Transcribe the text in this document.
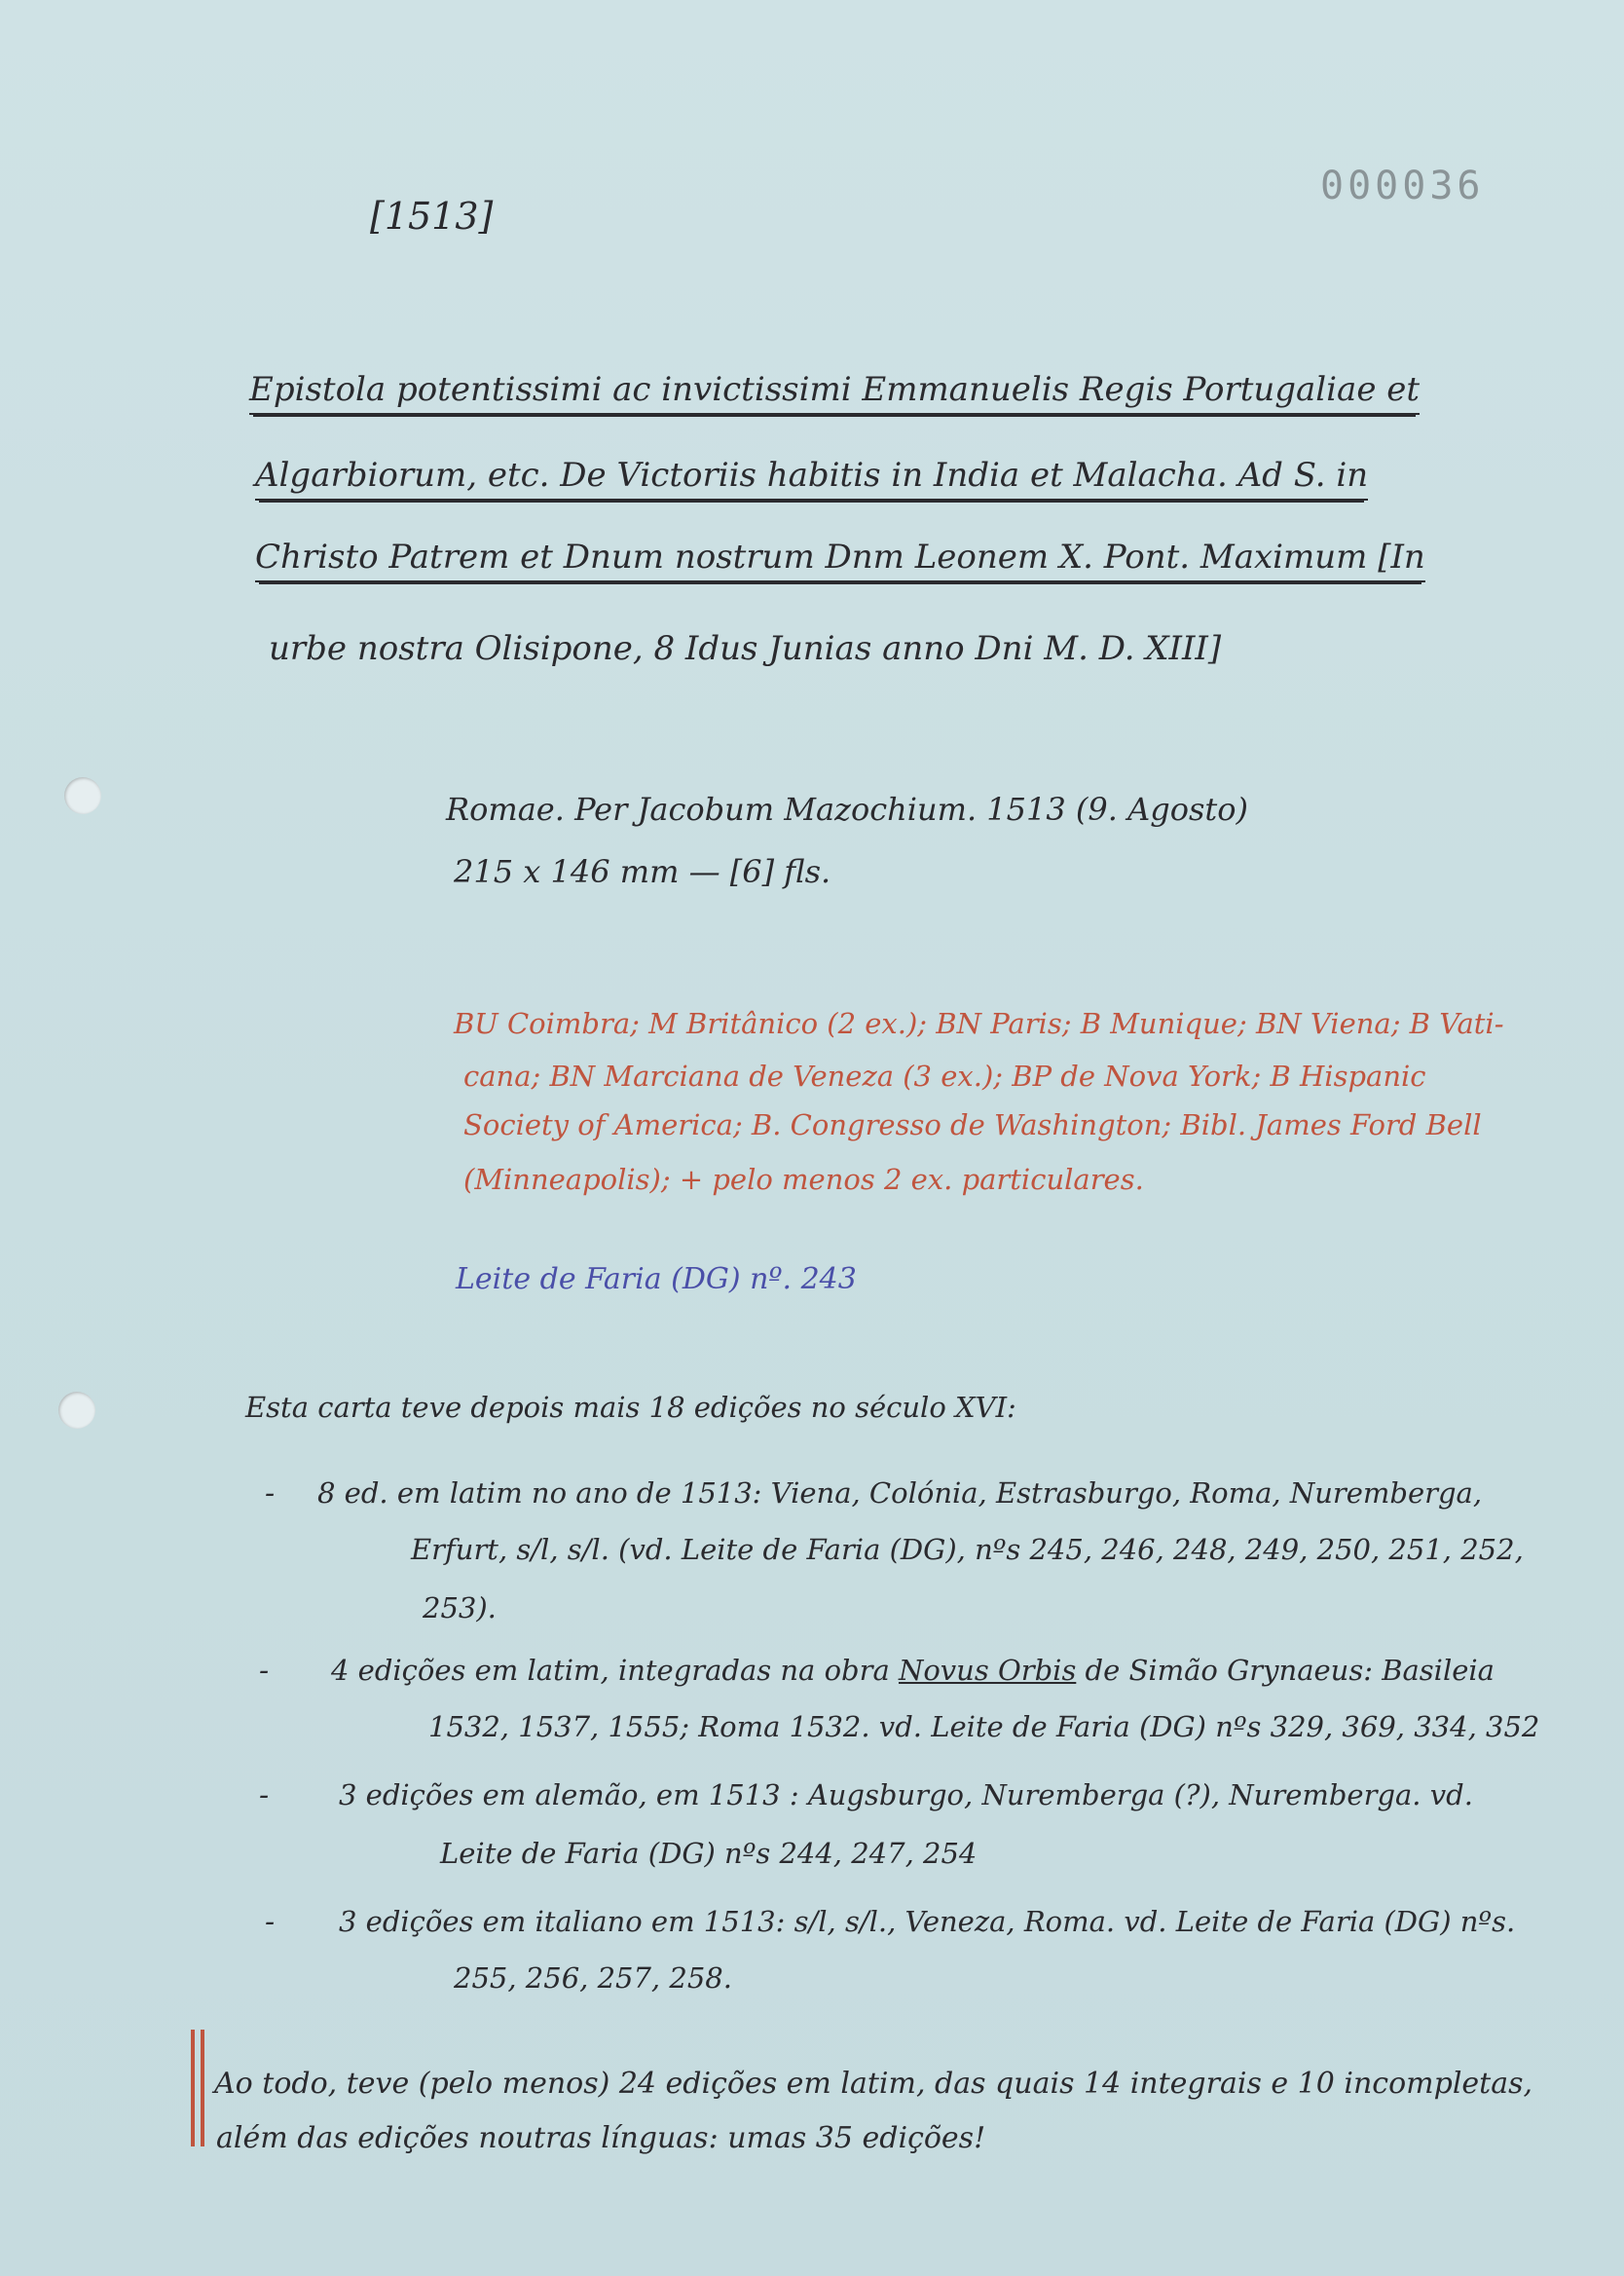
000036
[1513]
Epistola potentissimi ac invictissimi Emmanuelis Regis Portugaliae et
Algarbiorum, etc. De Victoriis habitis in India et Malacha. Ad S. in
Christo Patrem et Dnum nostrum Dnm Leonem X. Pont. Maximum [In
urbe nostra Olisipone, 8 Idus Junias anno Dni M. D. XIII]
Romae. Per Jacobum Mazochium. 1513 (9. Agosto)
215 x 146 mm — [6] fls.
BU Coimbra; M Britânico (2 ex.); BN Paris; B Munique; BN Viena; B Vati-
cana; BN Marciana de Veneza (3 ex.); BP de Nova York; B Hispanic
Society of America; B. Congresso de Washington; Bibl. James Ford Bell
(Minneapolis); + pelo menos 2 ex. particulares.
Leite de Faria (DG) nº. 243
Esta carta teve depois mais 18 edições no século XVI:
- 8 ed. em latim no ano de 1513: Viena, Colónia, Estrasburgo, Roma, Nuremberga,
Erfurt, s/l, s/l. (vd. Leite de Faria (DG), nºs 245, 246, 248, 249, 250, 251, 252,
253).
- 4 edições em latim, integradas na obra Novus Orbis de Simão Grynaeus: Basileia
1532, 1537, 1555; Roma 1532. vd. Leite de Faria (DG) nºs 329, 369, 334, 352
- 3 edições em alemão, em 1513 : Augsburgo, Nuremberga (?), Nuremberga. vd.
Leite de Faria (DG) nºs 244, 247, 254
- 3 edições em italiano em 1513: s/l, s/l., Veneza, Roma. vd. Leite de Faria (DG) nºs.
255, 256, 257, 258.
Ao todo, teve (pelo menos) 24 edições em latim, das quais 14 integrais e 10 incompletas,
além das edições noutras línguas: umas 35 edições!
